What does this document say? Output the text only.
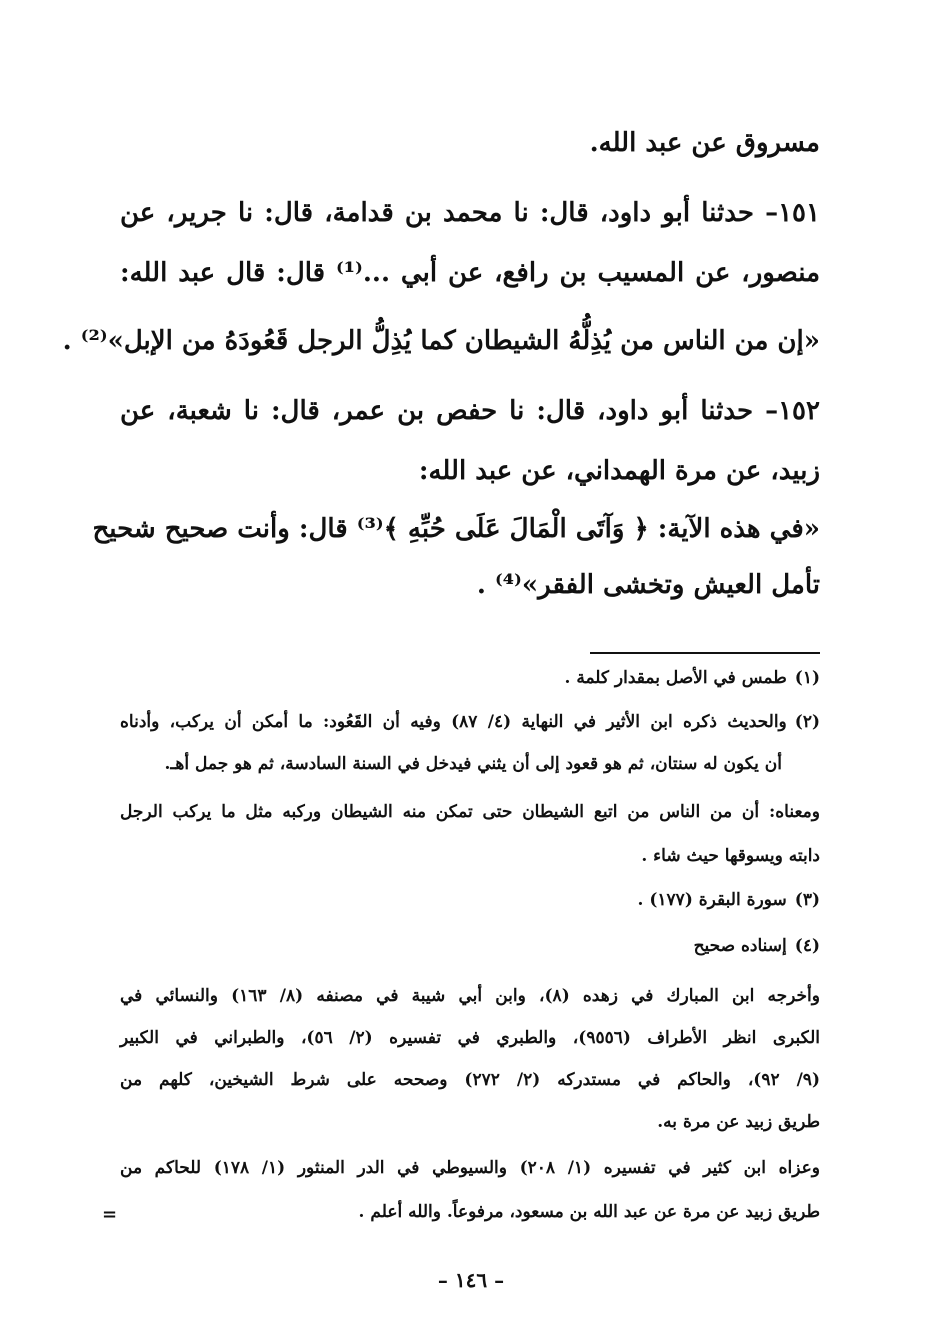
مسروق عن عبد الله.
١٥١– حدثنا أبو داود، قال: نا محمد بن قدامة، قال: نا جرير، عن
منصور، عن المسيب بن رافع، عن أبي ...⁽¹⁾ قال: قال عبد الله:
«إن من الناس من يُذِلُّهُ الشيطان كما يُذِلُّ الرجل قَعُودَهُ من الإبل»⁽²⁾ .
١٥٢– حدثنا أبو داود، قال: نا حفص بن عمر، قال: نا شعبة، عن
زبيد، عن مرة الهمداني، عن عبد الله:
«في هذه الآية: ﴿ وَآتَى الْمَالَ عَلَى حُبِّهِ ﴾⁽³⁾ قال: وأنت صحيح شحيح
تأمل العيش وتخشى الفقر»⁽⁴⁾ .
(١)طمس في الأصل بمقدار كلمة .
(٢)والحديث ذكره ابن الأثير في النهاية (٤/ ٨٧) وفيه أن القَعُود: ما أمكن أن يركب، وأدناه
أن يكون له سنتان، ثم هو قعود إلى أن يثني فيدخل في السنة السادسة، ثم هو جمل أهـ.
ومعناه: أن من الناس من اتبع الشيطان حتى تمكن منه الشيطان وركبه مثل ما يركب الرجل
دابته ويسوقها حيث شاء .
(٣)سورة البقرة (١٧٧) .
(٤)إسناده صحيح
وأخرجه ابن المبارك في زهده (٨)، وابن أبي شيبة في مصنفه (٨/ ١٦٣) والنسائي في
الكبرى انظر الأطراف (٩٥٥٦)، والطبري في تفسيره (٢/ ٥٦)، والطبراني في الكبير
(٩/ ٩٢)، والحاكم في مستدركه (٢/ ٢٧٢) وصححه على شرط الشيخين، كلهم من
طريق زبيد عن مرة به.
وعزاه ابن كثير في تفسيره (١/ ٢٠٨) والسيوطي في الدر المنثور (١/ ١٧٨) للحاكم من
طريق زبيد عن مرة عن عبد الله بن مسعود، مرفوعاً. والله أعلم .
=
– ١٤٦ –
